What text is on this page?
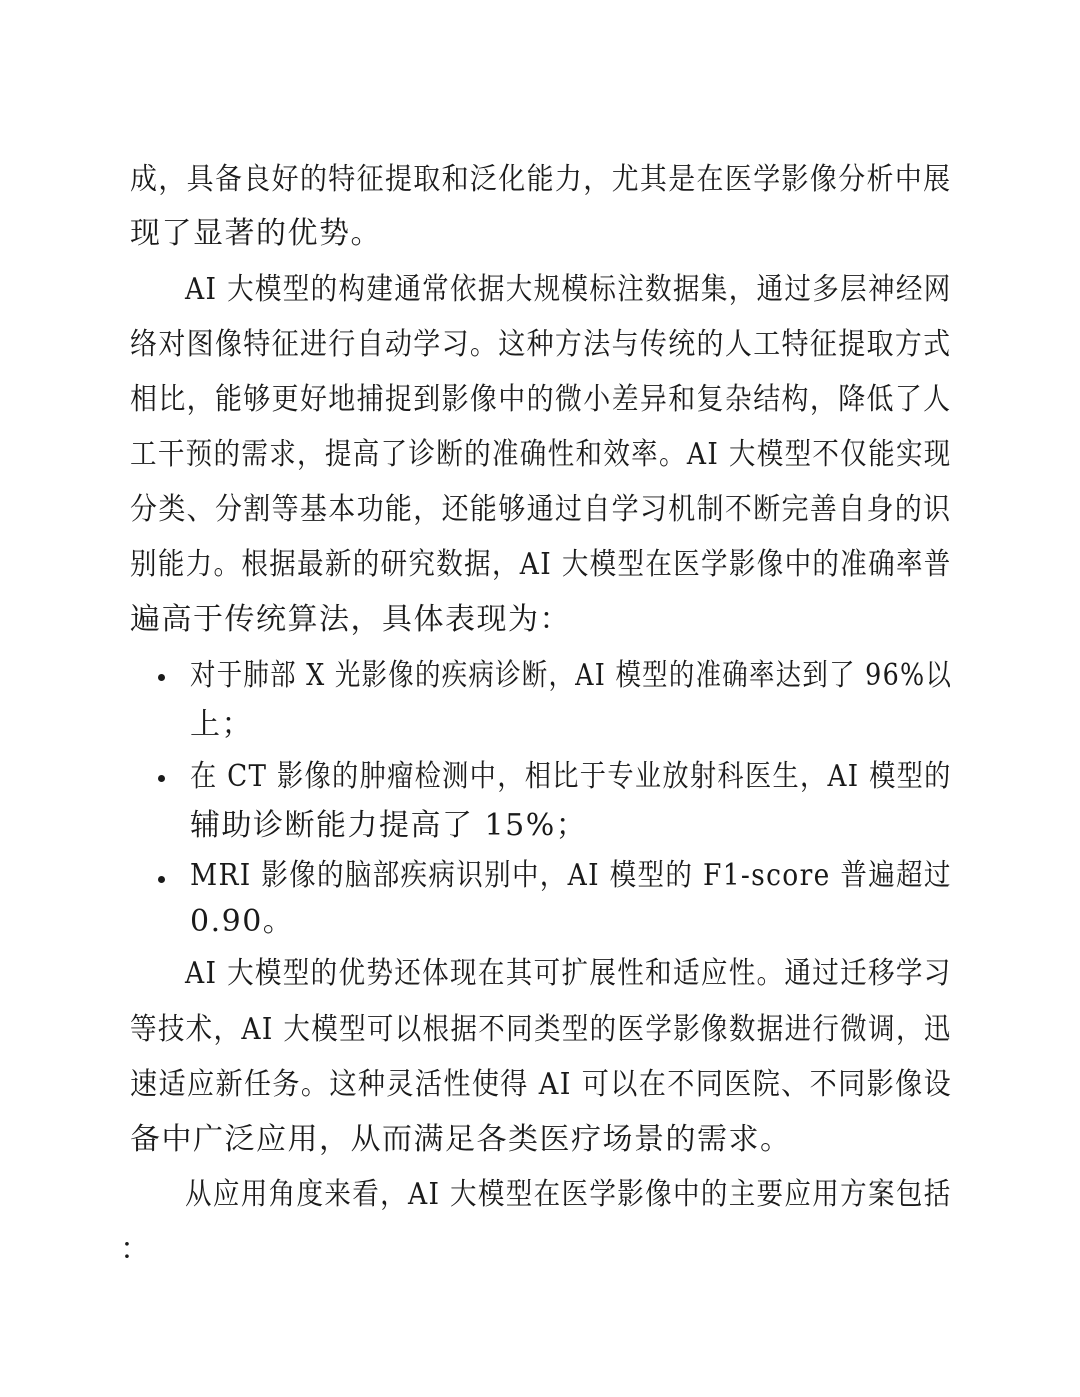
成，具备良好的特征提取和泛化能力，尤其是在医学影像分析中展
现了显著的优势。
AI 大模型的构建通常依据大规模标注数据集，通过多层神经网
络对图像特征进行自动学习。这种方法与传统的人工特征提取方式
相比，能够更好地捕捉到影像中的微小差异和复杂结构，降低了人
工干预的需求，提高了诊断的准确性和效率。AI 大模型不仅能实现
分类、分割等基本功能，还能够通过自学习机制不断完善自身的识
别能力。根据最新的研究数据，AI 大模型在医学影像中的准确率普
遍高于传统算法，具体表现为：
对于肺部 X 光影像的疾病诊断，AI 模型的准确率达到了 96%以
上；
在 CT 影像的肿瘤检测中，相比于专业放射科医生，AI 模型的
辅助诊断能力提高了 15%；
MRI 影像的脑部疾病识别中，AI 模型的 F1-score 普遍超过
0.90。
AI 大模型的优势还体现在其可扩展性和适应性。通过迁移学习
等技术，AI 大模型可以根据不同类型的医学影像数据进行微调，迅
速适应新任务。这种灵活性使得 AI 可以在不同医院、不同影像设
备中广泛应用，从而满足各类医疗场景的需求。
从应用角度来看，AI 大模型在医学影像中的主要应用方案包括
：
